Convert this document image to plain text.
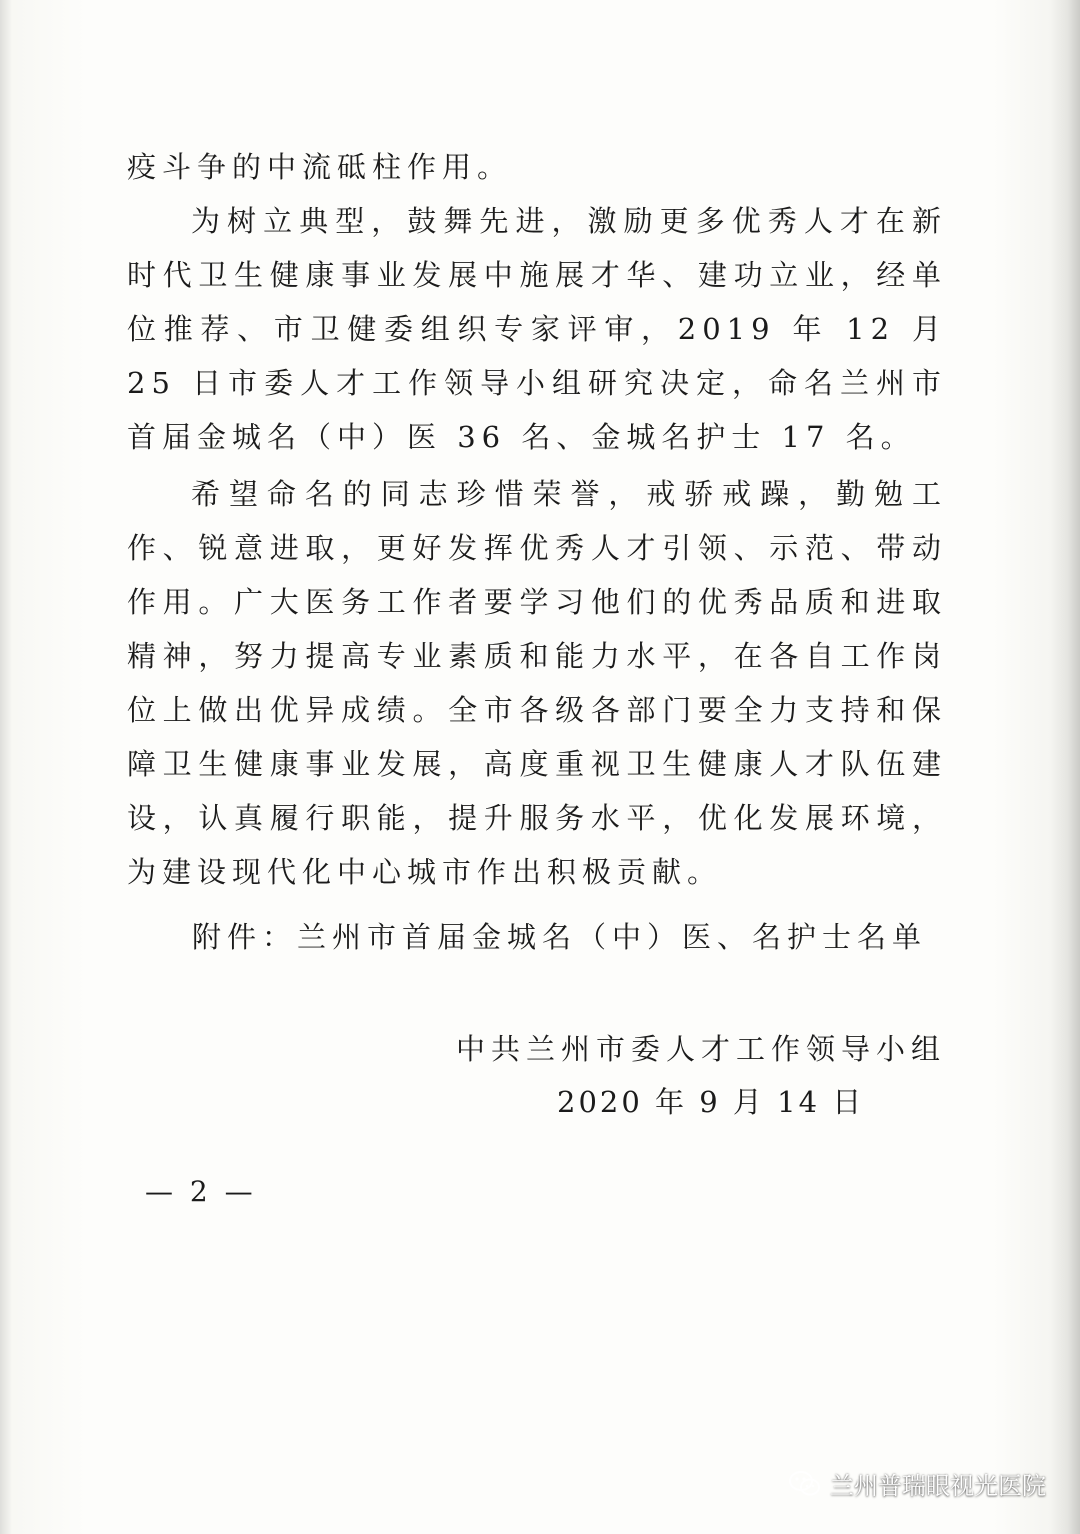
疫斗争的中流砥柱作用。

为树立典型，鼓舞先进，激励更多优秀人才在新时代卫生健康事业发展中施展才华、建功立业，经单位推荐、市卫健委组织专家评审，2019 年 12 月 25 日市委人才工作领导小组研究决定，命名兰州市首届金城名（中）医 36 名、金城名护士 17 名。

希望命名的同志珍惜荣誉，戒骄戒躁，勤勉工作、锐意进取，更好发挥优秀人才引领、示范、带动作用。广大医务工作者要学习他们的优秀品质和进取精神，努力提高专业素质和能力水平，在各自工作岗位上做出优异成绩。全市各级各部门要全力支持和保障卫生健康事业发展，高度重视卫生健康人才队伍建设，认真履行职能，提升服务水平，优化发展环境，为建设现代化中心城市作出积极贡献。

附件：兰州市首届金城名（中）医、名护士名单
中共兰州市委人才工作领导小组
2020 年 9 月 14 日
— 2 —
兰州普瑞眼视光医院
